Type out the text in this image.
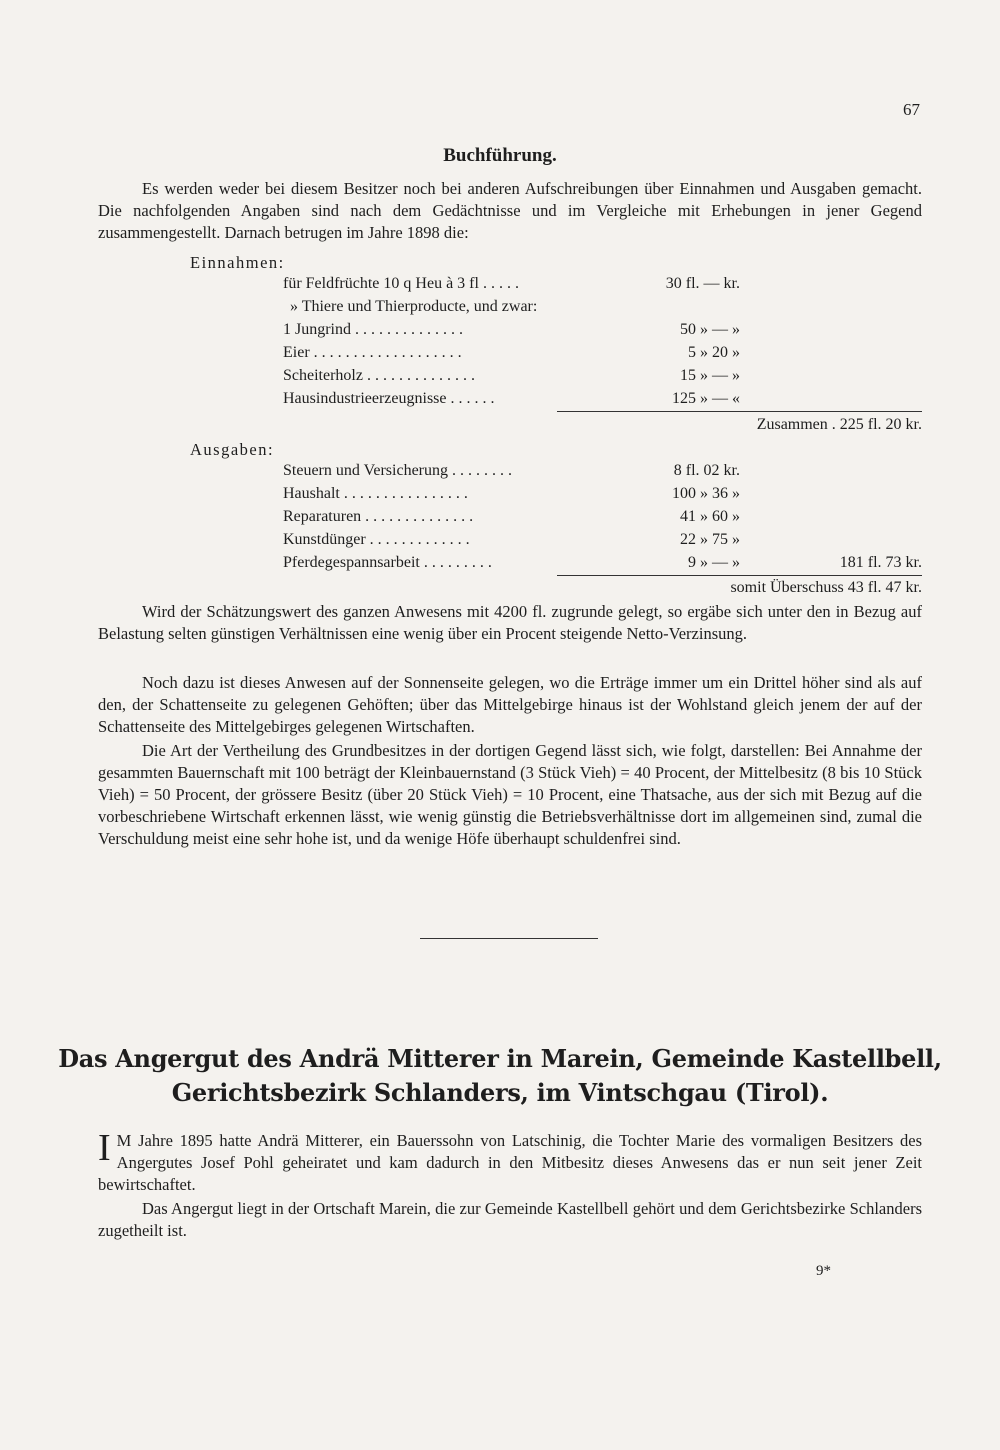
67
Buchführung.
Es werden weder bei diesem Besitzer noch bei anderen Aufschreibungen über Einnahmen und Ausgaben gemacht. Die nachfolgenden Angaben sind nach dem Gedächtnisse und im Vergleiche mit Erhebungen in jener Gegend zusammengestellt. Darnach betrugen im Jahre 1898 die:
Einnahmen:
für Feldfrüchte 10 q Heu à 3 fl . . . . .	30 fl. — kr.
» Thiere und Thierproducte, und zwar:
1 Jungrind . . . . . . . . . . . . . .	50 » — »
Eier . . . . . . . . . . . . . . . . . . .	5 » 20 »
Scheiterholz . . . . . . . . . . . . . .	15 » — »
Hausindustrieerzeugnisse . . . . . .	125 » — «
Zusammen . 225 fl. 20 kr.
Ausgaben:
Steuern und Versicherung . . . . . . . .	8 fl. 02 kr.
Haushalt . . . . . . . . . . . . . . . .	100 » 36 »
Reparaturen . . . . . . . . . . . . . .	41 » 60 »
Kunstdünger . . . . . . . . . . . . .	22 » 75 »
Pferdegespannsarbeit . . . . . . . . .	9 » — »	181 fl. 73 kr.
somit Überschuss 43 fl. 47 kr.
Wird der Schätzungswert des ganzen Anwesens mit 4200 fl. zugrunde gelegt, so ergäbe sich unter den in Bezug auf Belastung selten günstigen Verhältnissen eine wenig über ein Procent steigende Netto-Verzinsung.
Noch dazu ist dieses Anwesen auf der Sonnenseite gelegen, wo die Erträge immer um ein Drittel höher sind als auf den, der Schattenseite zu gelegenen Gehöften; über das Mittelgebirge hinaus ist der Wohlstand gleich jenem der auf der Schattenseite des Mittelgebirges gelegenen Wirtschaften.
Die Art der Vertheilung des Grundbesitzes in der dortigen Gegend lässt sich, wie folgt, darstellen: Bei Annahme der gesammten Bauernschaft mit 100 beträgt der Kleinbauernstand (3 Stück Vieh) = 40 Procent, der Mittelbesitz (8 bis 10 Stück Vieh) = 50 Procent, der grössere Besitz (über 20 Stück Vieh) = 10 Procent, eine Thatsache, aus der sich mit Bezug auf die vorbeschriebene Wirtschaft erkennen lässt, wie wenig günstig die Betriebsverhältnisse dort im allgemeinen sind, zumal die Verschuldung meist eine sehr hohe ist, und da wenige Höfe überhaupt schuldenfrei sind.
Das Angergut des Andrä Mitterer in Marein, Gemeinde Kastellbell,
Gerichtsbezirk Schlanders, im Vintschgau (Tirol).
I M Jahre 1895 hatte Andrä Mitterer, ein Bauerssohn von Latschinig, die Tochter Marie des vormaligen Besitzers des Angergutes Josef Pohl geheiratet und kam dadurch in den Mitbesitz dieses Anwesens das er nun seit jener Zeit bewirtschaftet.
Das Angergut liegt in der Ortschaft Marein, die zur Gemeinde Kastellbell gehört und dem Gerichtsbezirke Schlanders zugetheilt ist.
9*
